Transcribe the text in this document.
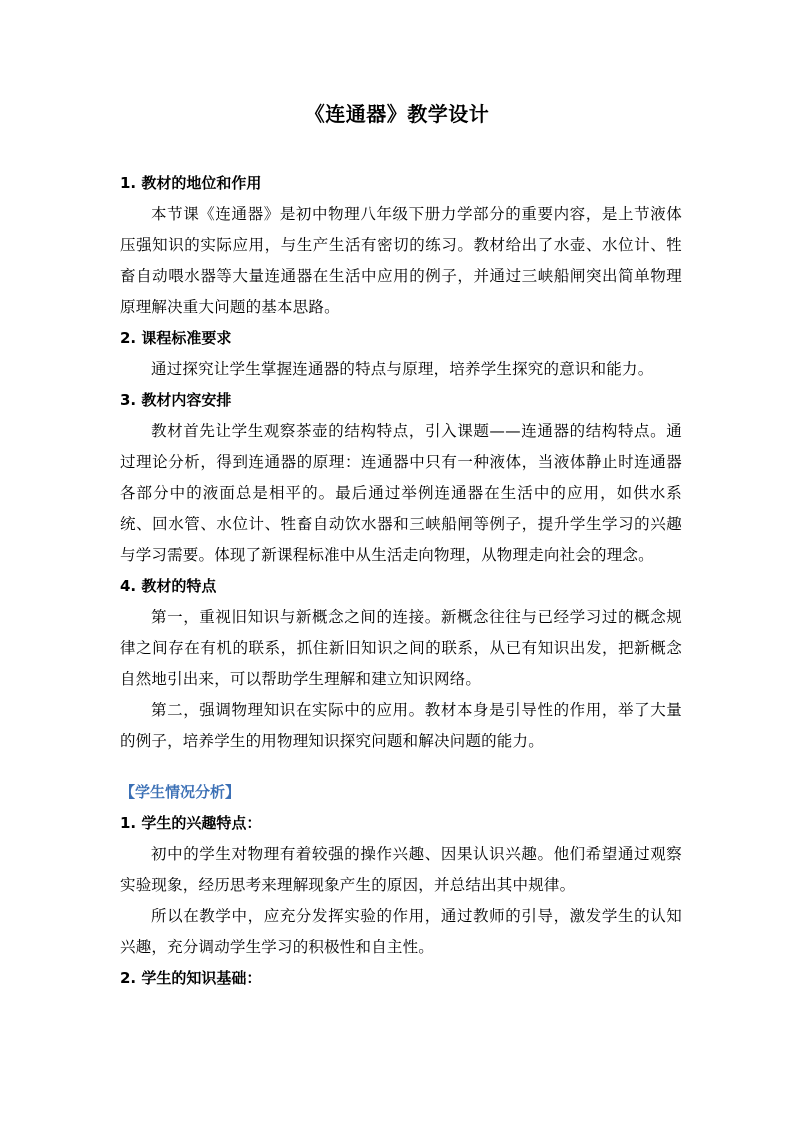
《连通器》教学设计
1. 教材的地位和作用
本节课《连通器》是初中物理八年级下册力学部分的重要内容，是上节液体压强知识的实际应用，与生产生活有密切的练习。教材给出了水壶、水位计、牲畜自动喂水器等大量连通器在生活中应用的例子，并通过三峡船闸突出简单物理原理解决重大问题的基本思路。
2. 课程标准要求
通过探究让学生掌握连通器的特点与原理，培养学生探究的意识和能力。
3. 教材内容安排
教材首先让学生观察茶壶的结构特点，引入课题——连通器的结构特点。通过理论分析，得到连通器的原理：连通器中只有一种液体，当液体静止时连通器各部分中的液面总是相平的。最后通过举例连通器在生活中的应用，如供水系统、回水管、水位计、牲畜自动饮水器和三峡船闸等例子，提升学生学习的兴趣与学习需要。体现了新课程标准中从生活走向物理，从物理走向社会的理念。
4. 教材的特点
第一，重视旧知识与新概念之间的连接。新概念往往与已经学习过的概念规律之间存在有机的联系，抓住新旧知识之间的联系，从已有知识出发，把新概念自然地引出来，可以帮助学生理解和建立知识网络。
第二，强调物理知识在实际中的应用。教材本身是引导性的作用，举了大量的例子，培养学生的用物理知识探究问题和解决问题的能力。
【学生情况分析】
1. 学生的兴趣特点：
初中的学生对物理有着较强的操作兴趣、因果认识兴趣。他们希望通过观察实验现象，经历思考来理解现象产生的原因，并总结出其中规律。
所以在教学中，应充分发挥实验的作用，通过教师的引导，激发学生的认知兴趣，充分调动学生学习的积极性和自主性。
2. 学生的知识基础：
